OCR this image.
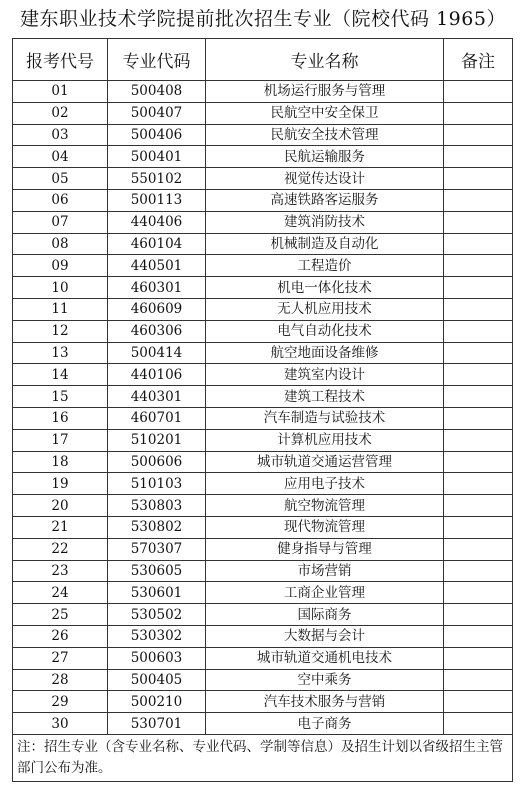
建东职业技术学院提前批次招生专业（院校代码 1965）
报考代号	专业代码	专业名称	备注
01	500408	机场运行服务与管理	
02	500407	民航空中安全保卫	
03	500406	民航安全技术管理	
04	500401	民航运输服务	
05	550102	视觉传达设计	
06	500113	高速铁路客运服务	
07	440406	建筑消防技术	
08	460104	机械制造及自动化	
09	440501	工程造价	
10	460301	机电一体化技术	
11	460609	无人机应用技术	
12	460306	电气自动化技术	
13	500414	航空地面设备维修	
14	440106	建筑室内设计	
15	440301	建筑工程技术	
16	460701	汽车制造与试验技术	
17	510201	计算机应用技术	
18	500606	城市轨道交通运营管理	
19	510103	应用电子技术	
20	530803	航空物流管理	
21	530802	现代物流管理	
22	570307	健身指导与管理	
23	530605	市场营销	
24	530601	工商企业管理	
25	530502	国际商务	
26	530302	大数据与会计	
27	500603	城市轨道交通机电技术	
28	500405	空中乘务	
29	500210	汽车技术服务与营销	
30	530701	电子商务	
注：招生专业（含专业名称、专业代码、学制等信息）及招生计划以省级招生主管部门公布为准。			
